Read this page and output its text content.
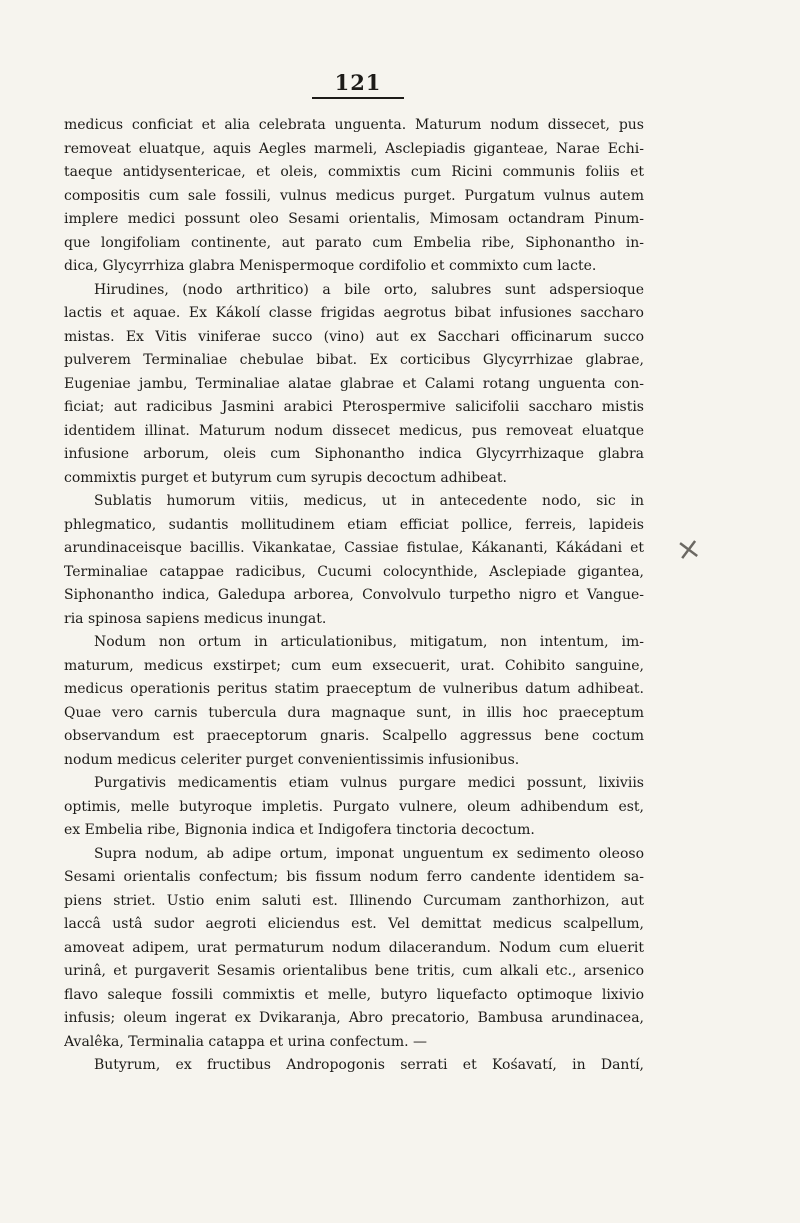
121
medicus conficiat et alia celebrata unguenta. Maturum nodum dissecet, pus
removeat eluatque, aquis Aegles marmeli, Asclepiadis giganteae, Narae Echi-
taeque antidysentericae, et oleis, commixtis cum Ricini communis foliis et
compositis cum sale fossili, vulnus medicus purget. Purgatum vulnus autem
implere medici possunt oleo Sesami orientalis, Mimosam octandram Pinum-
que longifoliam continente, aut parato cum Embelia ribe, Siphonantho in-
dica, Glycyrrhiza glabra Menispermoque cordifolio et commixto cum lacte.
Hirudines, (nodo arthritico) a bile orto, salubres sunt adspersioque
lactis et aquae. Ex Kákolí classe frigidas aegrotus bibat infusiones saccharo
mistas. Ex Vitis viniferae succo (vino) aut ex Sacchari officinarum succo
pulverem Terminaliae chebulae bibat. Ex corticibus Glycyrrhizae glabrae,
Eugeniae jambu, Terminaliae alatae glabrae et Calami rotang unguenta con-
ficiat; aut radicibus Jasmini arabici Pterospermive salicifolii saccharo mistis
identidem illinat. Maturum nodum dissecet medicus, pus removeat eluatque
infusione arborum, oleis cum Siphonantho indica Glycyrrhizaque glabra
commixtis purget et butyrum cum syrupis decoctum adhibeat.
Sublatis humorum vitiis, medicus, ut in antecedente nodo, sic in
phlegmatico, sudantis mollitudinem etiam efficiat pollice, ferreis, lapideis
arundinaceisque bacillis. Vikankatae, Cassiae fistulae, Kákananti, Kákádani et
Terminaliae catappae radicibus, Cucumi colocynthide, Asclepiade gigantea,
Siphonantho indica, Galedupa arborea, Convolvulo turpetho nigro et Vangue-
ria spinosa sapiens medicus inungat.
Nodum non ortum in articulationibus, mitigatum, non intentum, im-
maturum, medicus exstirpet; cum eum exsecuerit, urat. Cohibito sanguine,
medicus operationis peritus statim praeceptum de vulneribus datum adhibeat.
Quae vero carnis tubercula dura magnaque sunt, in illis hoc praeceptum
observandum est praeceptorum gnaris. Scalpello aggressus bene coctum
nodum medicus celeriter purget convenientissimis infusionibus.
Purgativis medicamentis etiam vulnus purgare medici possunt, lixiviis
optimis, melle butyroque impletis. Purgato vulnere, oleum adhibendum est,
ex Embelia ribe, Bignonia indica et Indigofera tinctoria decoctum.
Supra nodum, ab adipe ortum, imponat unguentum ex sedimento oleoso
Sesami orientalis confectum; bis fissum nodum ferro candente identidem sa-
piens striet. Ustio enim saluti est. Illinendo Curcumam zanthorhizon, aut
laccâ ustâ sudor aegroti eliciendus est. Vel demittat medicus scalpellum,
amoveat adipem, urat permaturum nodum dilacerandum. Nodum cum eluerit
urinâ, et purgaverit Sesamis orientalibus bene tritis, cum alkali etc., arsenico
flavo saleque fossili commixtis et melle, butyro liquefacto optimoque lixivio
infusis; oleum ingerat ex Dvikaranja, Abro precatorio, Bambusa arundinacea,
Avalêka, Terminalia catappa et urina confectum. —
Butyrum, ex fructibus Andropogonis serrati et Kośavatí, in Dantí,
×
